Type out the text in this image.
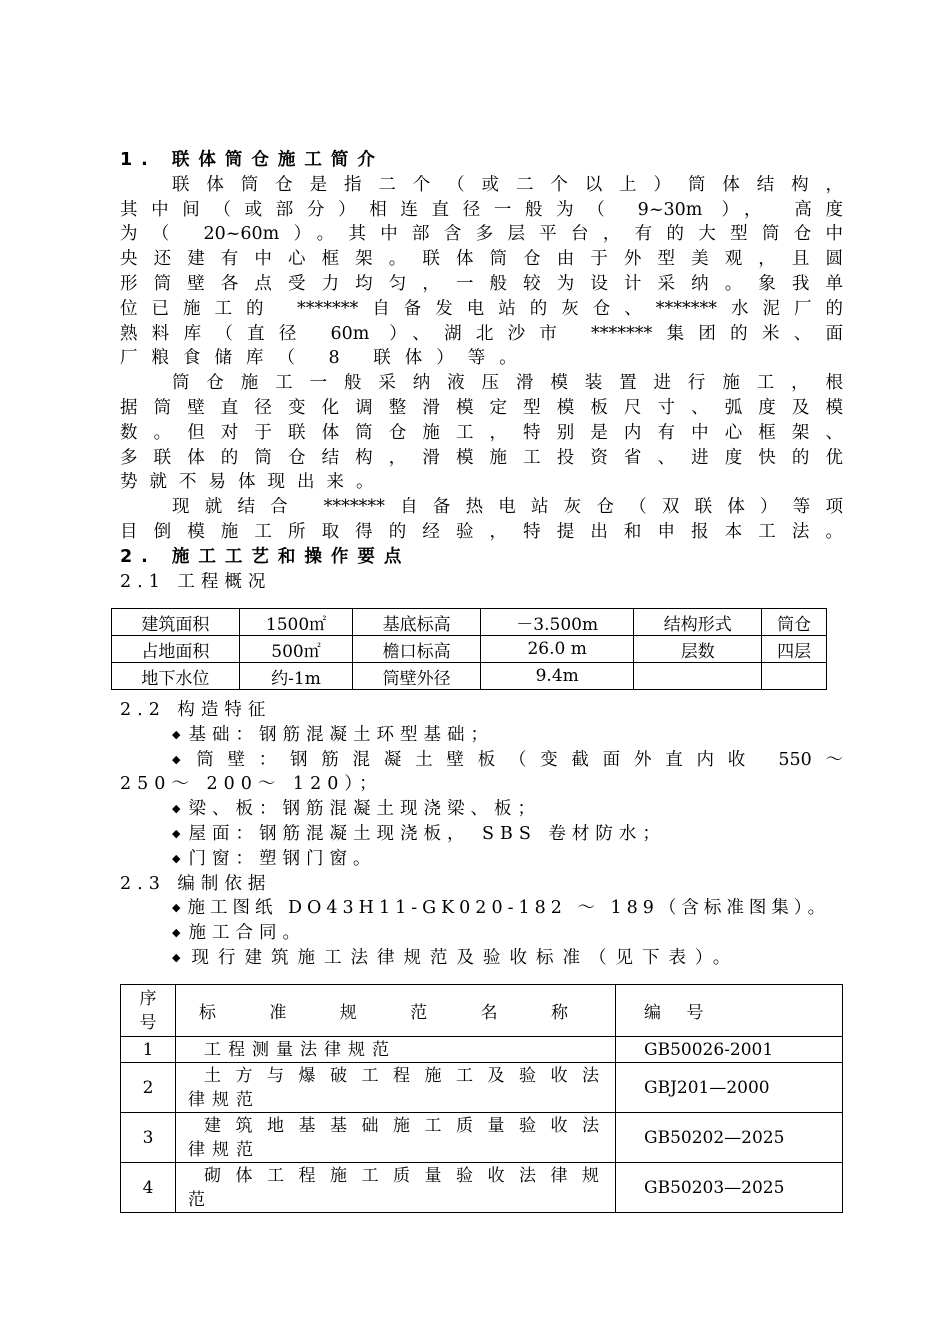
1. 联体筒仓施工简介
联体筒仓是指二个（或二个以上）筒体结构，
其中间（或部分）相连直径一般为（ 9~30m ）， 高度
为（ 20~60m）。其中部含多层平台，有的大型筒仓中
央还建有中心框架。联体筒仓由于外型美观，且圆
形筒壁各点受力均匀，一般较为设计采纳。象我单
位已施工的 *******自备发电站的灰仓、*******水泥厂的
熟料库（直径 60m ）、湖北沙市 *******集团的米、面
厂粮食储库（ 8 联体）等。
筒仓施工一般采纳液压滑模装置进行施工，根
据筒壁直径变化调整滑模定型模板尺寸、弧度及模
数。但对于联体筒仓施工，特别是内有中心框架、
多联体的筒仓结构，滑模施工投资省、进度快的优
势就不易体现出来。
现就结合 *******自备热电站灰仓（双联体）等项
目倒模施工所取得的经验，特提出和申报本工法。
2. 施工工艺和操作要点
2.1 工程概况
建筑面积	1500㎡	基底标高	－3.500m	结构形式	筒仓
占地面积	500㎡	檐口标高	26.0 m	层数	四层
地下水位	约-1m	筒壁外径	9.4m		
2.2 构造特征
◆ 基础：钢筋混凝土环型基础；
◆ 筒壁：钢筋混凝土壁板（变截面外直内收 550～
250～ 200～ 120）；
◆ 梁、板：钢筋混凝土现浇梁、板；
◆ 屋面：钢筋混凝土现浇板， SBS 卷材防水；
◆ 门窗：塑钢门窗。
2.3 编制依据
◆ 施工图纸 DO43H11-GK020-182 ～ 189（含标准图集）。
◆ 施工合同。
◆ 现行建筑施工法律规范及验收标准（见下表）。
序
号	标 准 规 范 名 称	编 号
1	工程测量法律规范	GB50026-2001
2	土方与爆破工程施工及验收法
律规范	GBJ201—2000
3	建筑地基基础施工质量验收法
律规范	GB50202—2025
4	砌体工程施工质量验收法律规
范	GB50203—2025
